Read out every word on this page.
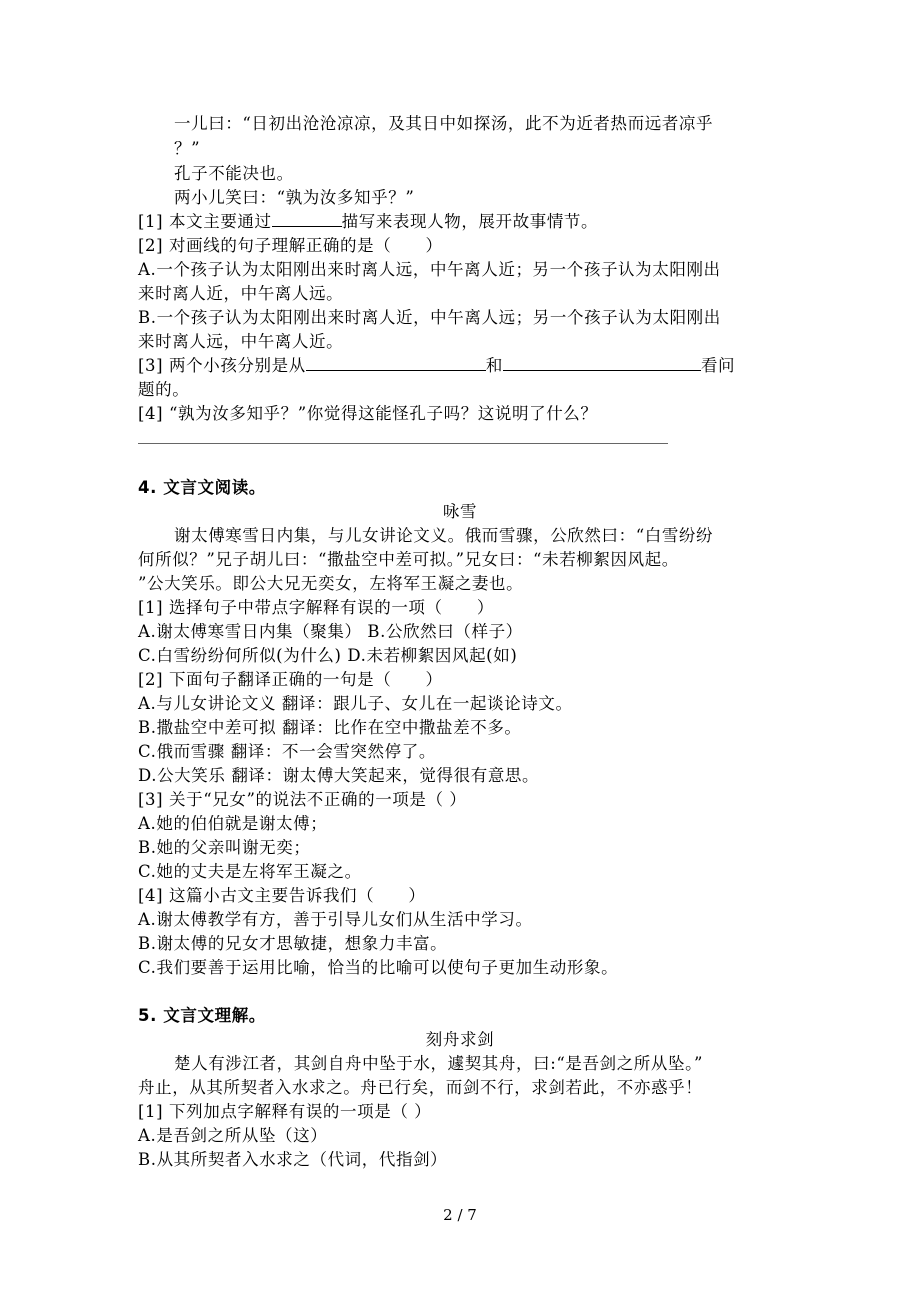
一儿曰：“日初出沧沧凉凉，及其日中如探汤，此不为近者热而远者凉乎
？”
孔子不能决也。
两小儿笑曰：“孰为汝多知乎？”
[1] 本文主要通过	描写来表现人物，展开故事情节。
[2] 对画线的句子理解正确的是（　　）
A.一个孩子认为太阳刚出来时离人远，中午离人近；另一个孩子认为太阳刚出
来时离人近，中午离人远。
B.一个孩子认为太阳刚出来时离人近，中午离人远；另一个孩子认为太阳刚出
来时离人远，中午离人近。
[3] 两个小孩分别是从	和	看问
题的。
[4] “孰为汝多知乎？”你觉得这能怪孔子吗？这说明了什么？
4. 文言文阅读。
咏雪
谢太傅寒雪日内集，与儿女讲论文义。俄而雪骤，公欣然曰：“白雪纷纷
何所似？”兄子胡儿曰：“撒盐空中差可拟。”兄女曰：“未若柳絮因风起。
”公大笑乐。即公大兄无奕女，左将军王凝之妻也。
[1] 选择句子中带点字解释有误的一项（　　）
A.谢太傅寒雪日内集（聚集） B.公欣然曰（样子）
C.白雪纷纷何所似(为什么) D.未若柳絮因风起(如)
[2] 下面句子翻译正确的一句是（　　）
A.与儿女讲论文义 翻译：跟儿子、女儿在一起谈论诗文。
B.撒盐空中差可拟 翻译：比作在空中撒盐差不多。
C.俄而雪骤 翻译：不一会雪突然停了。
D.公大笑乐 翻译：谢太傅大笑起来，觉得很有意思。
[3] 关于“兄女”的说法不正确的一项是（ ）
A.她的伯伯就是谢太傅；
B.她的父亲叫谢无奕；
C.她的丈夫是左将军王凝之。
[4] 这篇小古文主要告诉我们（　　）
A.谢太傅教学有方，善于引导儿女们从生活中学习。
B.谢太傅的兄女才思敏捷，想象力丰富。
C.我们要善于运用比喻，恰当的比喻可以使句子更加生动形象。
5. 文言文理解。
刻舟求剑
楚人有涉江者，其剑自舟中坠于水，遽契其舟，曰:“是吾剑之所从坠。”
舟止，从其所契者入水求之。舟已行矣，而剑不行，求剑若此，不亦惑乎！
[1] 下列加点字解释有误的一项是（ ）
A.是吾剑之所从坠（这）
B.从其所契者入水求之（代词，代指剑）
2 / 7
